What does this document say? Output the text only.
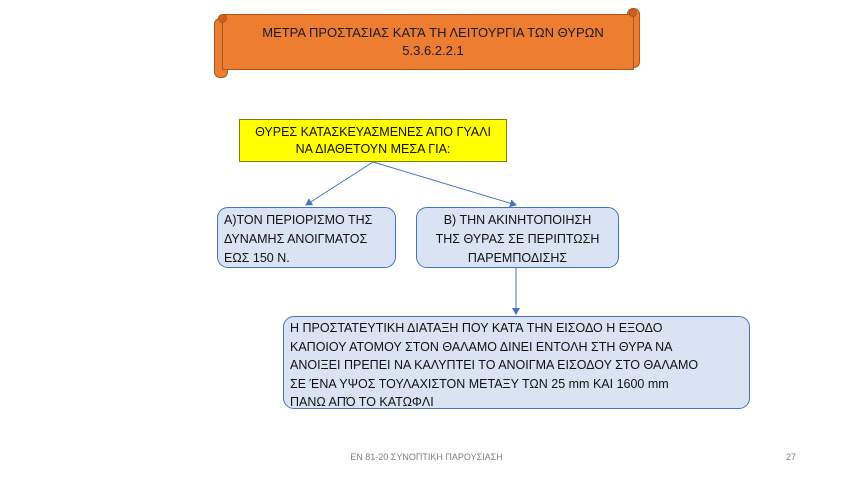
ΜΕΤΡΑ ΠΡΟΣΤΑΣΙΑΣ ΚΑΤΆ ΤΗ ΛΕΙΤΟΥΡΓΙΑ ΤΩΝ ΘΥΡΩΝ
5.3.6.2.2.1
ΘΥΡΕΣ ΚΑΤΑΣΚΕΥΑΣΜΕΝΕΣ ΑΠΟ ΓΥΑΛΙ
ΝΑ ΔΙΑΘΕΤΟΥΝ ΜΕΣΑ ΓΙΑ:
Α)ΤΟΝ ΠΕΡΙΟΡΙΣΜΟ ΤΗΣ
ΔΥΝΑΜΗΣ ΑΝΟΙΓΜΑΤΟΣ
ΕΩΣ 150 Ν.
Β) ΤΗΝ ΑΚΙΝΗΤΟΠΟΙΗΣΗ
ΤΗΣ ΘΥΡΑΣ ΣΕ ΠΕΡΙΠΤΩΣΗ
ΠΑΡΕΜΠΟΔΙΣΗΣ
Η ΠΡΟΣΤΑΤΕΥΤΙΚΗ ΔΙΑΤΑΞΗ ΠΟΥ ΚΑΤΆ ΤΗΝ ΕΙΣΟΔΟ Η ΕΞΟΔΟ
ΚΑΠΟΙΟΥ ΑΤΟΜΟΥ ΣΤΟΝ ΘΑΛΑΜΟ ΔΙΝΕΙ ΕΝΤΟΛΗ ΣΤΗ ΘΥΡΑ ΝΑ
ΑΝΟΙΞΕΙ ΠΡΕΠΕΙ ΝΑ ΚΑΛΥΠΤΕΙ ΤΟ ΑΝΟΙΓΜΑ ΕΙΣΟΔΟΥ ΣΤΟ ΘΑΛΑΜΟ
ΣΕ ΈΝΑ ΥΨΟΣ ΤΟΥΛΑΧΙΣΤΟΝ ΜΕΤΑΞΥ ΤΩΝ 25 mm ΚΑΙ 1600 mm
ΠΑΝΩ ΑΠΌ ΤΟ ΚΑΤΩΦΛΙ
ΕΝ 81-20 ΣΥΝΟΠΤΙΚΗ ΠΑΡΟΥΣΙΑΣΗ	27
